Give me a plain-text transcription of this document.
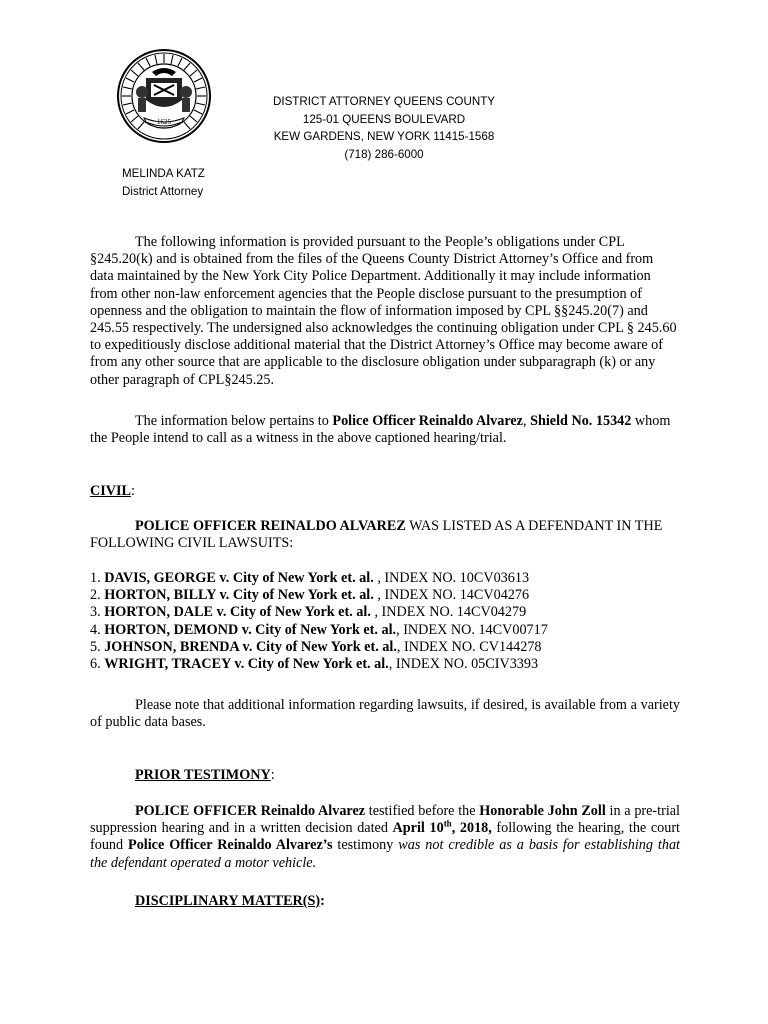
1625
DISTRICT ATTORNEY QUEENS COUNTY
125-01 QUEENS BOULEVARD
KEW GARDENS, NEW YORK 11415-1568
(718) 286-6000
MELINDA KATZ
District Attorney
The following information is provided pursuant to the People’s obligations under CPL §245.20(k) and is obtained from the files of the Queens County District Attorney’s Office and from data maintained by the New York City Police Department. Additionally it may include information from other non-law enforcement agencies that the People disclose pursuant to the presumption of openness and the obligation to maintain the flow of information imposed by CPL §§245.20(7) and 245.55 respectively. The undersigned also acknowledges the continuing obligation under CPL § 245.60 to expeditiously disclose additional material that the District Attorney’s Office may become aware of from any other source that are applicable to the disclosure obligation under subparagraph (k) or any other paragraph of CPL§245.25.
The information below pertains to Police Officer Reinaldo Alvarez, Shield No. 15342 whom the People intend to call as a witness in the above captioned hearing/trial.
CIVIL:
POLICE OFFICER REINALDO ALVAREZ WAS LISTED AS A DEFENDANT IN THE FOLLOWING CIVIL LAWSUITS:
1. DAVIS, GEORGE v. City of New York et. al. , INDEX NO. 10CV03613
2. HORTON, BILLY v. City of New York et. al. , INDEX NO. 14CV04276
3. HORTON, DALE v. City of New York et. al. , INDEX NO. 14CV04279
4. HORTON, DEMOND v. City of New York et. al., INDEX NO. 14CV00717
5. JOHNSON, BRENDA v. City of New York et. al., INDEX NO. CV144278
6. WRIGHT, TRACEY v. City of New York et. al., INDEX NO. 05CIV3393
Please note that additional information regarding lawsuits, if desired, is available from a variety of public data bases.
PRIOR TESTIMONY:
POLICE OFFICER Reinaldo Alvarez testified before the Honorable John Zoll in a pre-trial suppression hearing and in a written decision dated April 10th, 2018, following the hearing, the court found Police Officer Reinaldo Alvarez’s testimony was not credible as a basis for establishing that the defendant operated a motor vehicle.
DISCIPLINARY MATTER(S):
